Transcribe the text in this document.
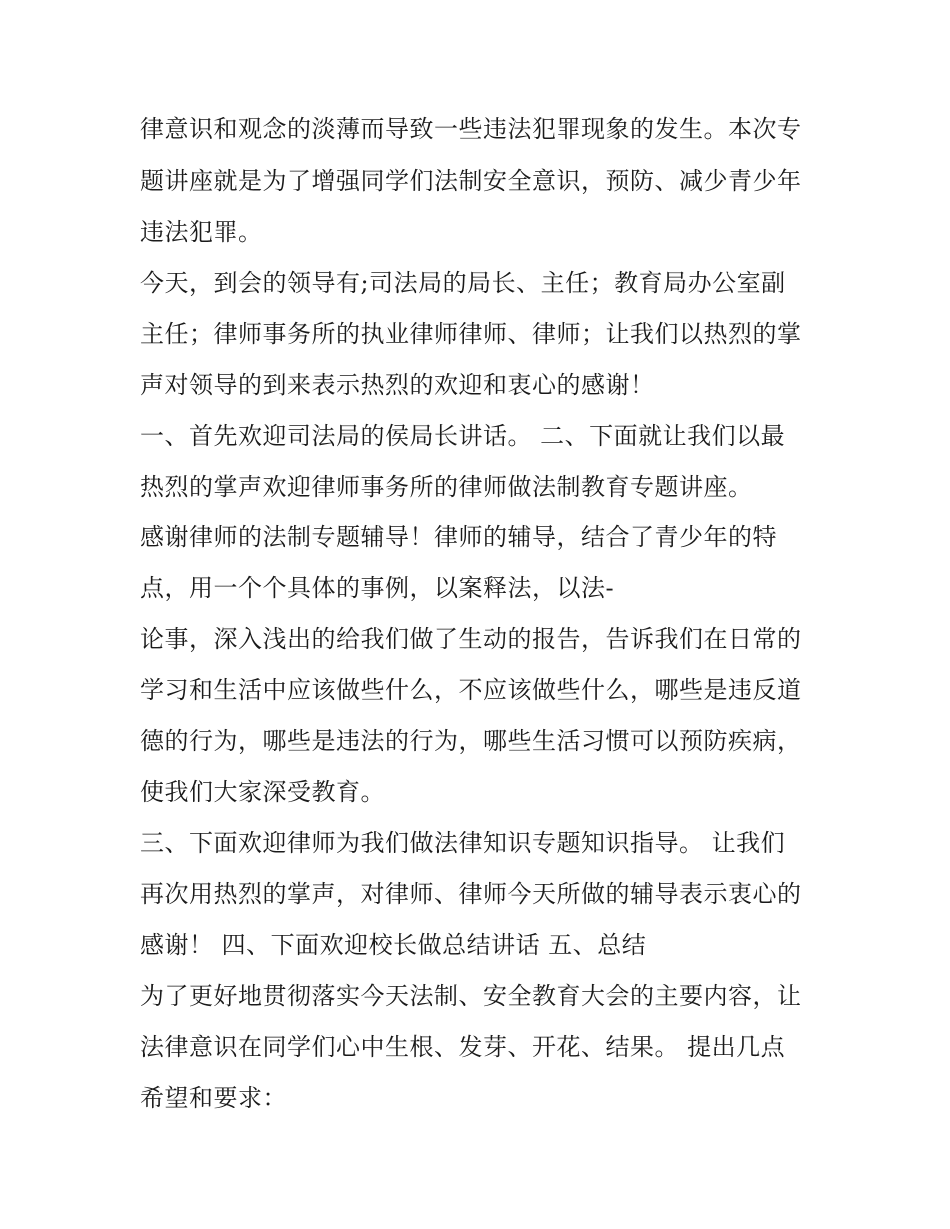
律意识和观念的淡薄而导致一些违法犯罪现象的发生。本次专
题讲座就是为了增强同学们法制安全意识，预防、减少青少年
违法犯罪。
今天，到会的领导有;司法局的局长、主任；教育局办公室副
主任；律师事务所的执业律师律师、律师；让我们以热烈的掌
声对领导的到来表示热烈的欢迎和衷心的感谢！
一、首先欢迎司法局的侯局长讲话。 二、下面就让我们以最
热烈的掌声欢迎律师事务所的律师做法制教育专题讲座。
感谢律师的法制专题辅导！律师的辅导，结合了青少年的特
点，用一个个具体的事例，以案释法，以法-
论事，深入浅出的给我们做了生动的报告，告诉我们在日常的
学习和生活中应该做些什么，不应该做些什么，哪些是违反道
德的行为，哪些是违法的行为，哪些生活习惯可以预防疾病，
使我们大家深受教育。
三、下面欢迎律师为我们做法律知识专题知识指导。 让我们
再次用热烈的掌声，对律师、律师今天所做的辅导表示衷心的
感谢！ 四、下面欢迎校长做总结讲话 五、总结
为了更好地贯彻落实今天法制、安全教育大会的主要内容，让
法律意识在同学们心中生根、发芽、开花、结果。 提出几点
希望和要求：
